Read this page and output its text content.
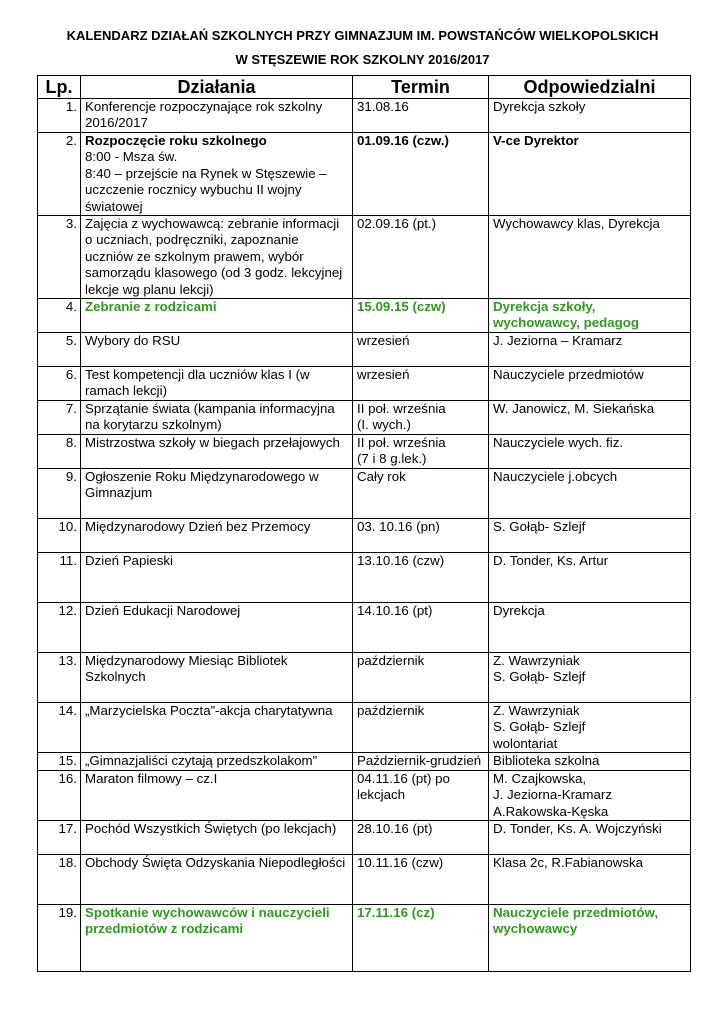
KALENDARZ DZIAŁAŃ SZKOLNYCH PRZY GIMNAZJUM IM. POWSTAŃCÓW WIELKOPOLSKICH
W STĘSZEWIE ROK SZKOLNY 2016/2017
Lp.	Działania	Termin	Odpowiedzialni

1.	Konferencje rozpoczynające rok szkolny
2016/2017	31.08.16	Dyrekcja szkoły

2.	Rozpoczęcie roku szkolnego
8:00 - Msza św.
8:40 – przejście na Rynek w Stęszewie –
uczczenie rocznicy wybuchu II wojny
światowej	01.09.16 (czw.)	V-ce Dyrektor

3.	Zajęcia z wychowawcą: zebranie informacji
o uczniach, podręczniki, zapoznanie
uczniów ze szkolnym prawem, wybór
samorządu klasowego (od 3 godz. lekcyjnej
lekcje wg planu lekcji)	02.09.16 (pt.)	Wychowawcy klas, Dyrekcja

4.	Zebranie z rodzicami	15.09.15 (czw)	Dyrekcja szkoły,
wychowawcy, pedagog

5.	Wybory do RSU	wrzesień	J. Jeziorna – Kramarz

6.	Test kompetencji dla uczniów klas I (w
ramach lekcji)	wrzesień	Nauczyciele przedmiotów

7.	Sprzątanie świata (kampania informacyjna
na korytarzu szkolnym)	II poł. września
(I. wych.)	W. Janowicz, M. Siekańska

8.	Mistrzostwa szkoły w biegach przełajowych	II poł. września
(7 i 8 g.lek.)	Nauczyciele wych. fiz.

9.	Ogłoszenie Roku Międzynarodowego w
Gimnazjum	Cały rok	Nauczyciele j.obcych

10.	Międzynarodowy Dzień bez Przemocy	03. 10.16 (pn)	S. Gołąb- Szlejf

11.	Dzień Papieski	13.10.16 (czw)	D. Tonder, Ks. Artur

12.	Dzień Edukacji Narodowej	14.10.16 (pt)	Dyrekcja

13.	Międzynarodowy Miesiąc Bibliotek
Szkolnych	październik	Z. Wawrzyniak
S. Gołąb- Szlejf

14.	„Marzycielska Poczta”-akcja charytatywna	październik	Z. Wawrzyniak
S. Gołąb- Szlejf
wolontariat

15.	„Gimnazjaliści czytają przedszkolakom”	Październik-grudzień	Biblioteka szkolna

16.	Maraton filmowy – cz.I	04.11.16 (pt) po
lekcjach	M. Czajkowska,
J. Jeziorna-Kramarz
A.Rakowska-Kęska

17.	Pochód Wszystkich Świętych (po lekcjach)	28.10.16 (pt)	D. Tonder, Ks. A. Wojczyński

18.	Obchody Święta Odzyskania Niepodległości	10.11.16 (czw)	Klasa 2c, R.Fabianowska

19.	Spotkanie wychowawców i nauczycieli
przedmiotów z rodzicami	17.11.16 (cz)	Nauczyciele przedmiotów,
wychowawcy
